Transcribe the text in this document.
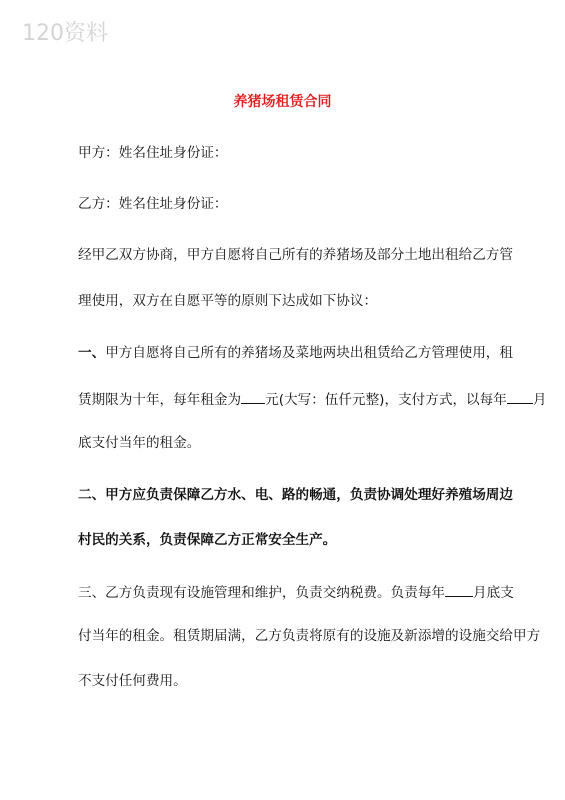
120资料
养猪场租赁合同
甲方：姓名住址身份证：
乙方：姓名住址身份证：
经甲乙双方协商，甲方自愿将自己所有的养猪场及部分土地出租给乙方管
理使用，双方在自愿平等的原则下达成如下协议：
一、甲方自愿将自己所有的养猪场及菜地两块出租赁给乙方管理使用，租
赁期限为十年，每年租金为 元(大写：伍仟元整)，支付方式，以每年 月
底支付当年的租金。
二、甲方应负责保障乙方水、电、路的畅通，负责协调处理好养殖场周边
村民的关系，负责保障乙方正常安全生产。
三、乙方负责现有设施管理和维护，负责交纳税费。负责每年 月底支
付当年的租金。租赁期届满，乙方负责将原有的设施及新添增的设施交给甲方
不支付任何费用。
